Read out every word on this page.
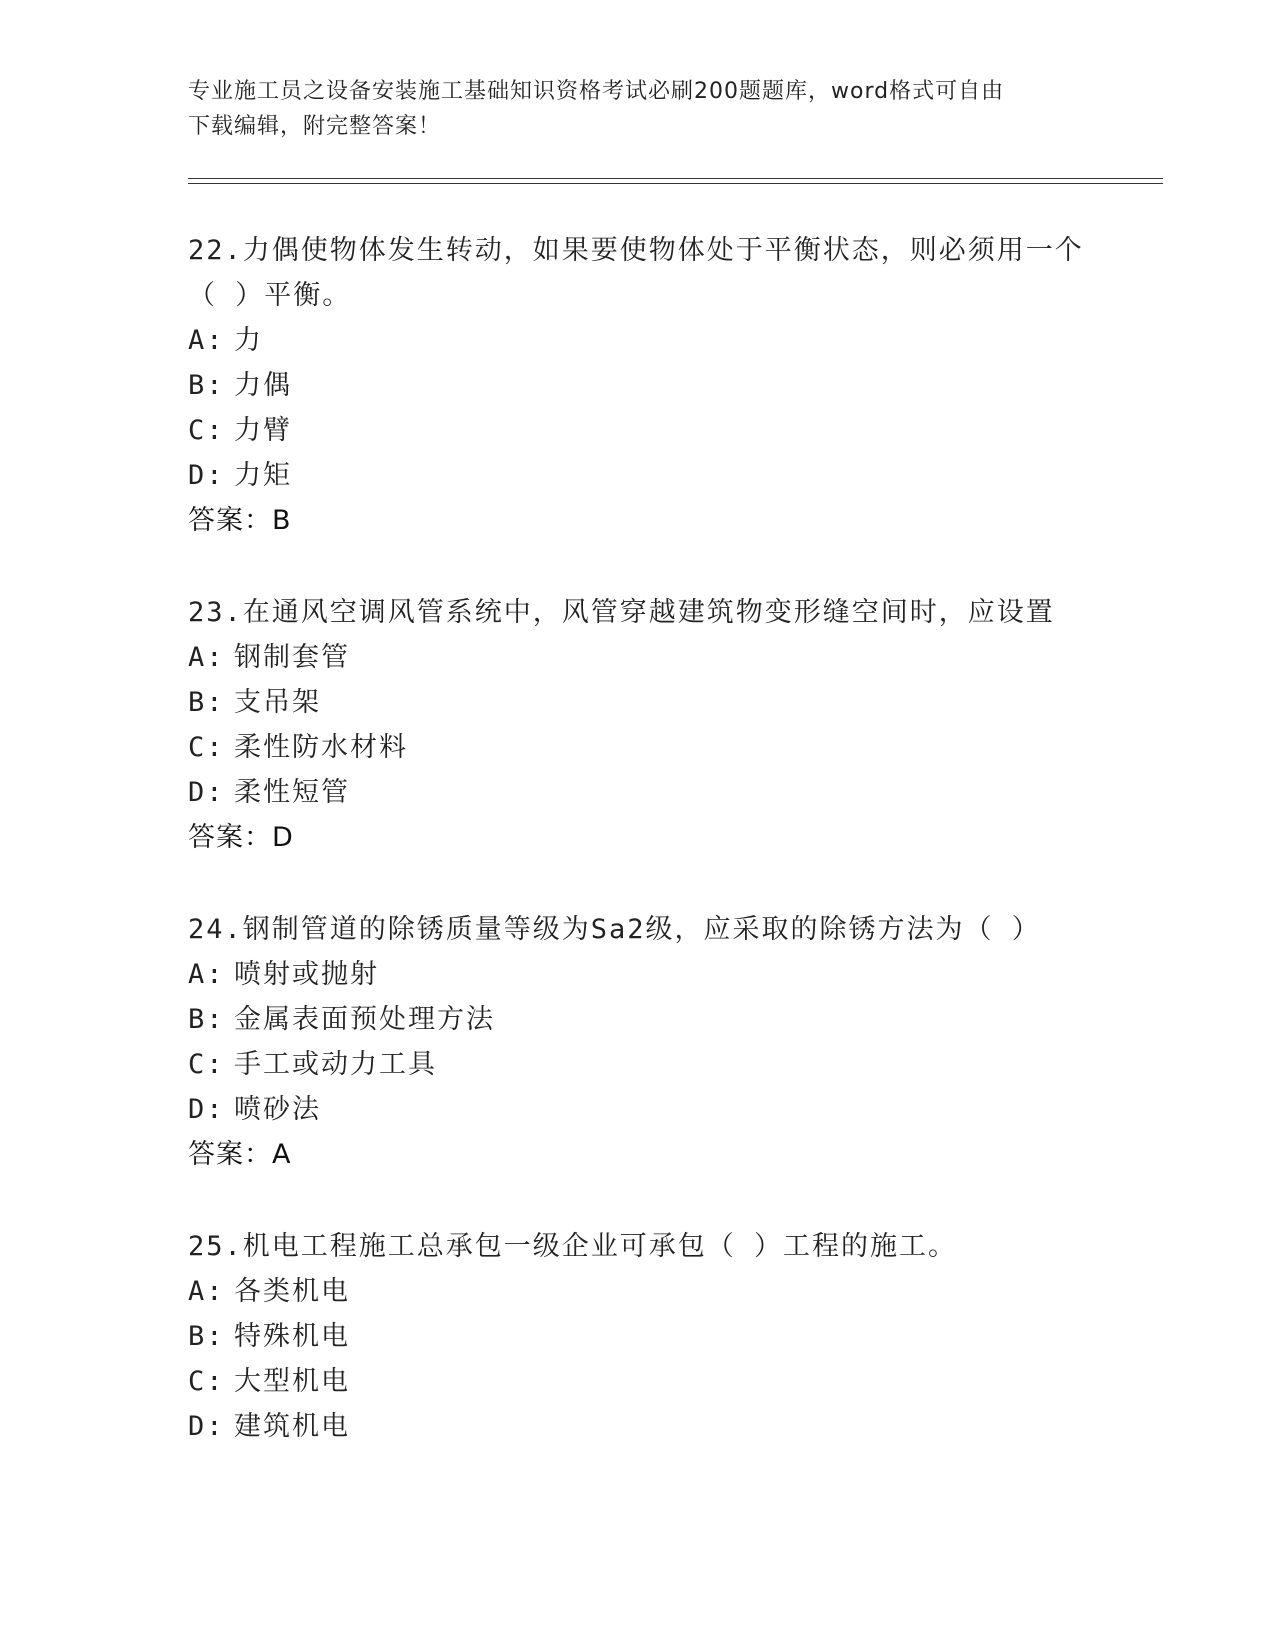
专业施工员之设备安装施工基础知识资格考试必刷200题题库，word格式可自由
下载编辑，附完整答案！
22.力偶使物体发生转动，如果要使物体处于平衡状态，则必须用一个
（ ）平衡。
A: 力
B: 力偶
C: 力臂
D: 力矩
答案：B
23.在通风空调风管系统中，风管穿越建筑物变形缝空间时，应设置
A: 钢制套管
B: 支吊架
C: 柔性防水材料
D: 柔性短管
答案：D
24.钢制管道的除锈质量等级为Sa2级，应采取的除锈方法为（ ）
A: 喷射或抛射
B: 金属表面预处理方法
C: 手工或动力工具
D: 喷砂法
答案：A
25.机电工程施工总承包一级企业可承包（ ）工程的施工。
A: 各类机电
B: 特殊机电
C: 大型机电
D: 建筑机电
